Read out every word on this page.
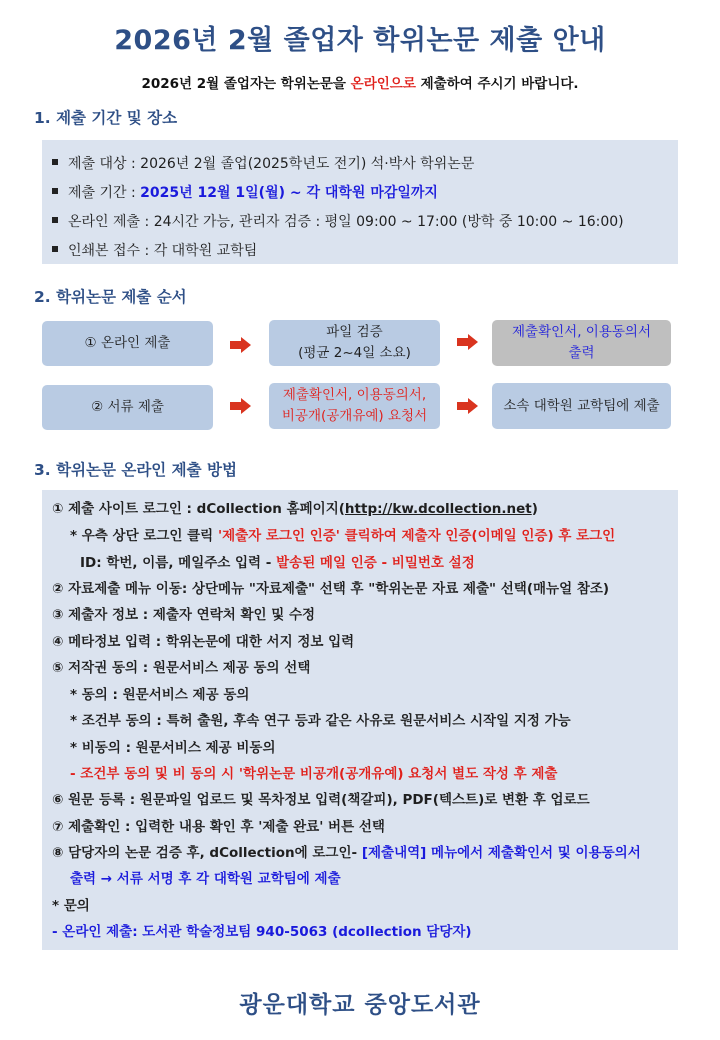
2026년 2월 졸업자 학위논문 제출 안내
2026년 2월 졸업자는 학위논문을 온라인으로 제출하여 주시기 바랍니다.
1. 제출 기간 및 장소
제출 대상 : 2026년 2월 졸업(2025학년도 전기) 석·박사 학위논문
제출 기간 : 2025년 12월 1일(월) ~ 각 대학원 마감일까지
온라인 제출 : 24시간 가능, 관리자 검증 : 평일 09:00 ~ 17:00 (방학 중 10:00 ~ 16:00)
인쇄본 접수 : 각 대학원 교학팀
2. 학위논문 제출 순서
① 온라인 제출
파일 검증
(평균 2~4일 소요)
제출확인서, 이용동의서
출력
② 서류 제출
제출확인서, 이용동의서,
비공개(공개유예) 요청서
소속 대학원 교학팀에 제출
3. 학위논문 온라인 제출 방법
① 제출 사이트 로그인 : dCollection 홈페이지(http://kw.dcollection.net)
* 우측 상단 로그인 클릭 '제출자 로그인 인증' 클릭하여 제출자 인증(이메일 인증) 후 로그인
ID: 학번, 이름, 메일주소 입력 - 발송된 메일 인증 - 비밀번호 설정
② 자료제출 메뉴 이동: 상단메뉴 "자료제출" 선택 후 "학위논문 자료 제출" 선택(매뉴얼 참조)
③ 제출자 정보 : 제출자 연락처 확인 및 수정
④ 메타정보 입력 : 학위논문에 대한 서지 정보 입력
⑤ 저작권 동의 : 원문서비스 제공 동의 선택
* 동의 : 원문서비스 제공 동의
* 조건부 동의 : 특허 출원, 후속 연구 등과 같은 사유로 원문서비스 시작일 지정 가능
* 비동의 : 원문서비스 제공 비동의
- 조건부 동의 및 비 동의 시 '학위논문 비공개(공개유예) 요청서 별도 작성 후 제출
⑥ 원문 등록 : 원문파일 업로드 및 목차정보 입력(책갈피), PDF(텍스트)로 변환 후 업로드
⑦ 제출확인 : 입력한 내용 확인 후 '제출 완료' 버튼 선택
⑧ 담당자의 논문 검증 후, dCollection에 로그인- [제출내역] 메뉴에서 제출확인서 및 이용동의서
출력 → 서류 서명 후 각 대학원 교학팀에 제출
* 문의
- 온라인 제출: 도서관 학술정보팀 940-5063 (dcollection 담당자)
광운대학교 중앙도서관
